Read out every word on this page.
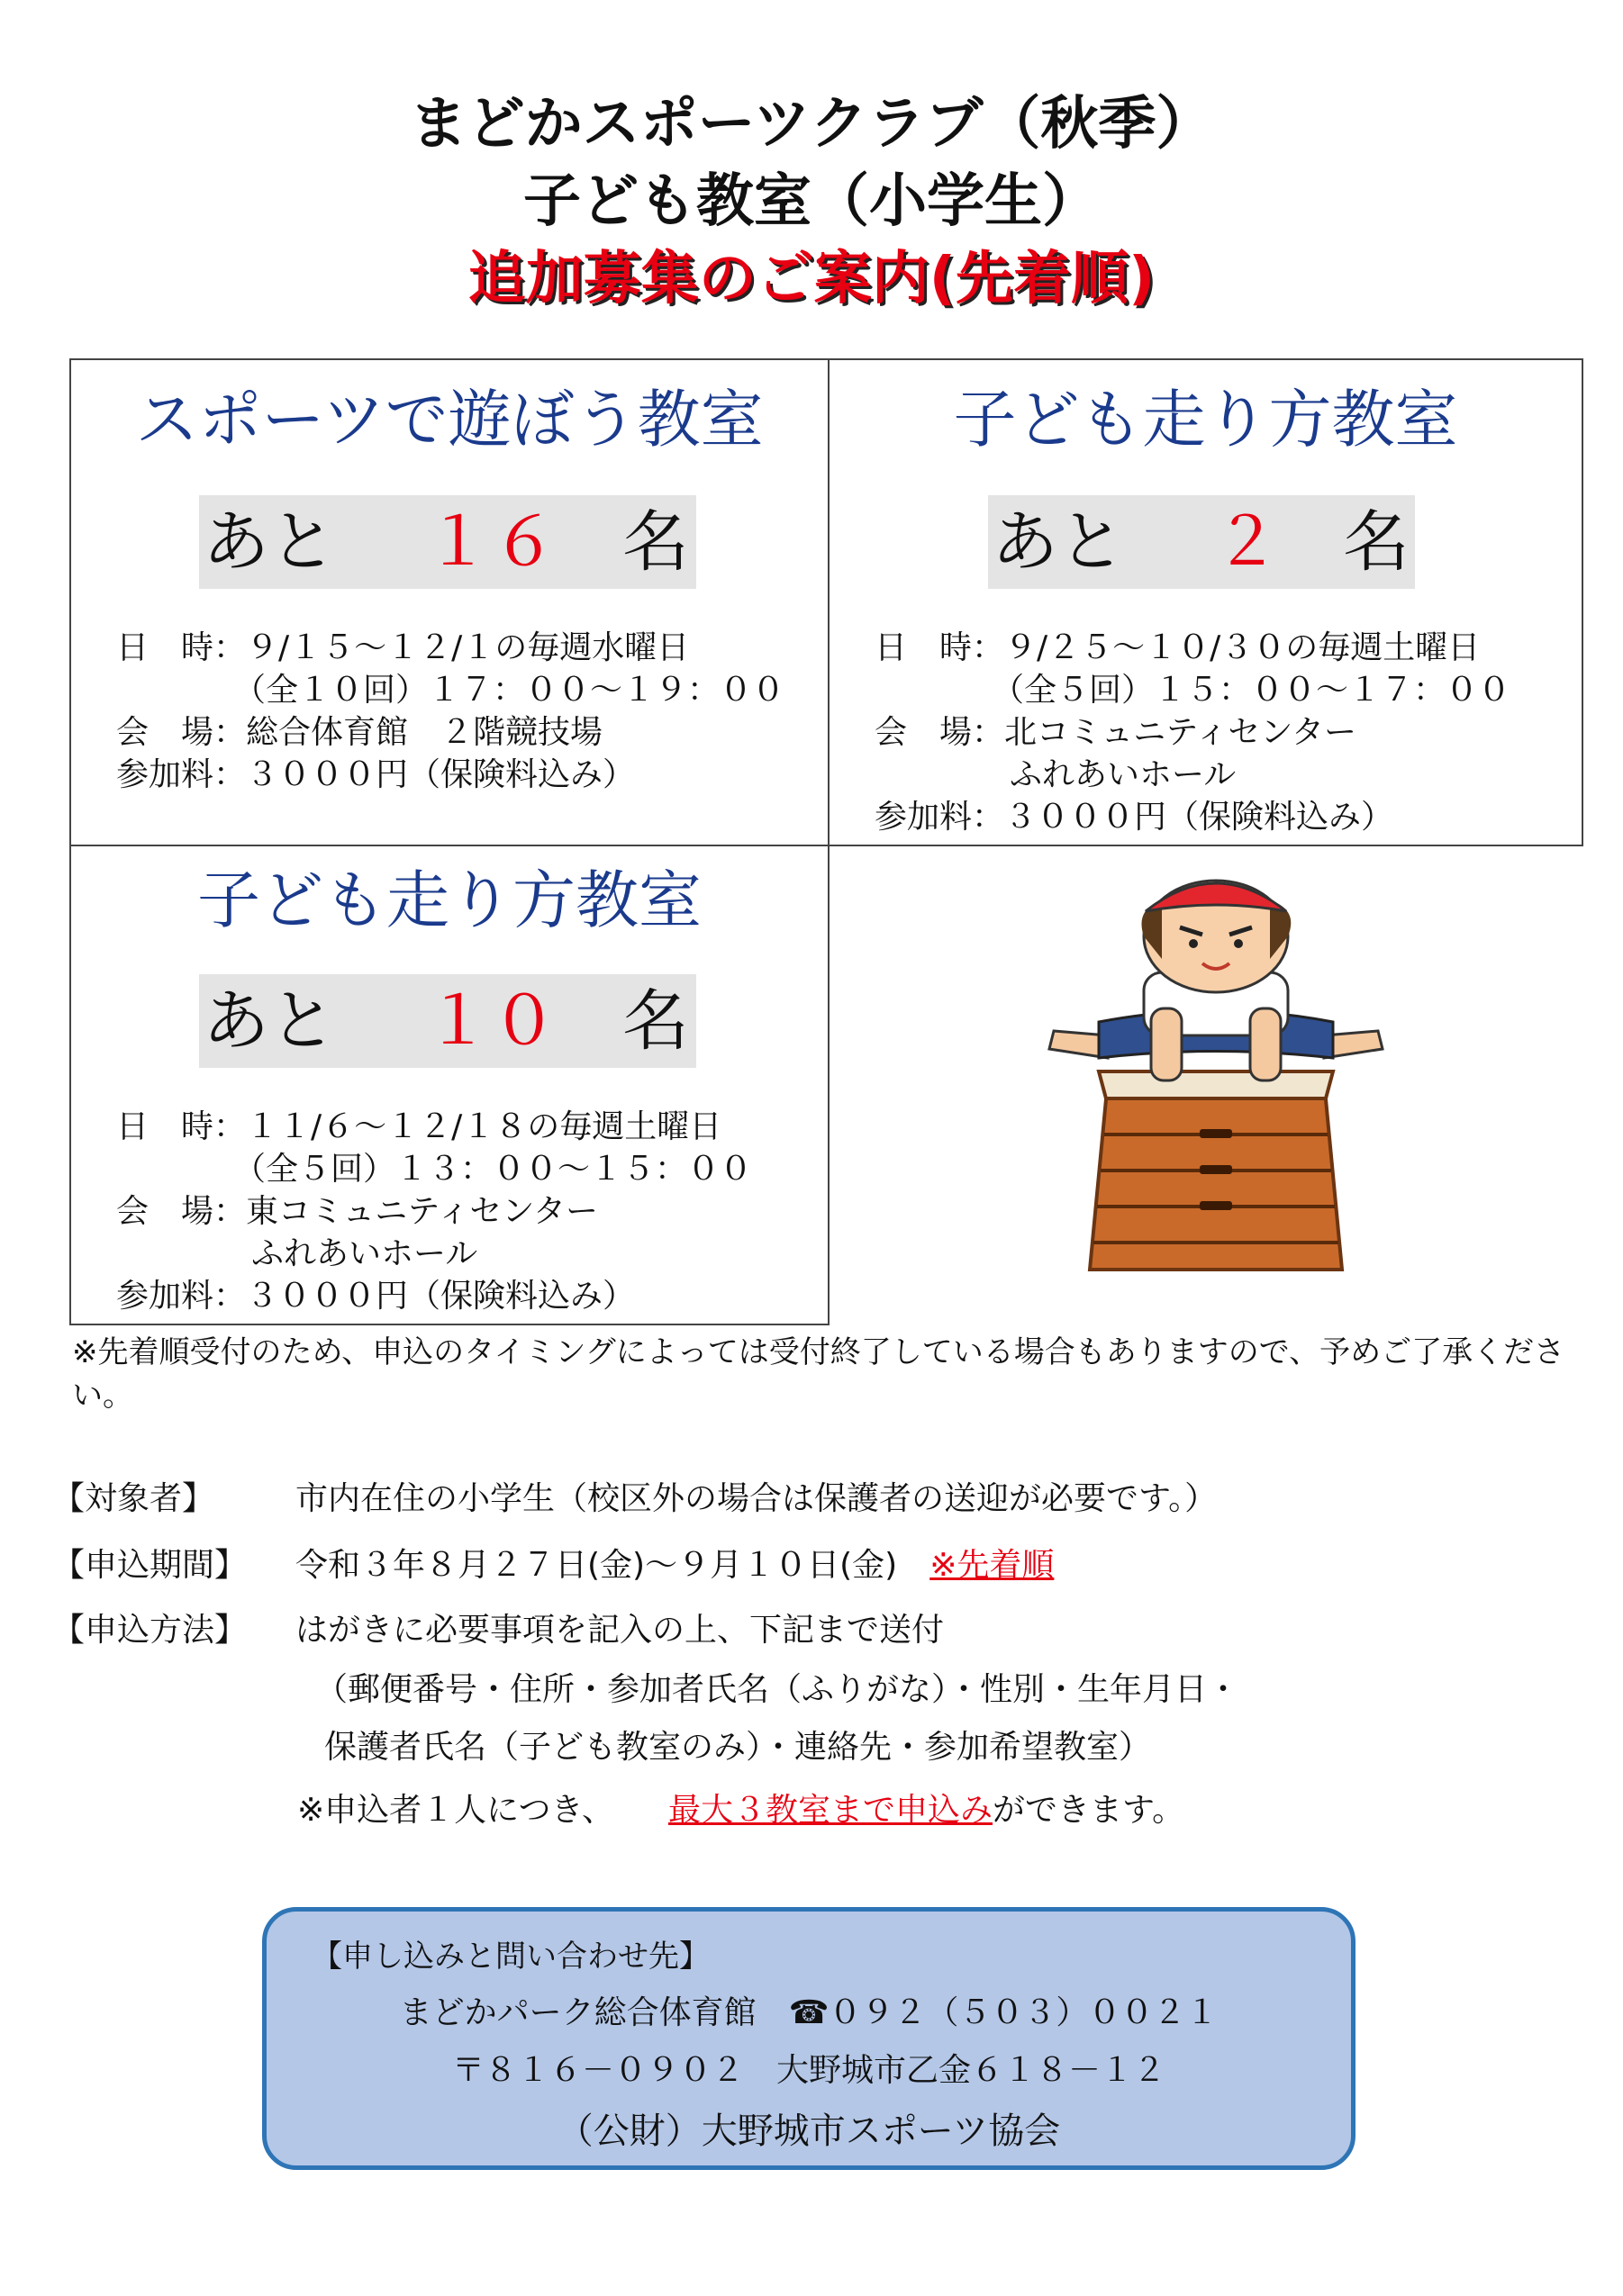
まどかスポーツクラブ（秋季）
子ども教室（小学生）
追加募集のご案内(先着順)
スポーツで遊ぼう教室
あと １６ 名
日　時：９/１５～１２/１の毎週水曜日
（全１０回）１７：００～１９：００
会　場：総合体育館　２階競技場
参加料：３０００円（保険料込み）
子ども走り方教室
あと ２ 名
日　時：９/２５～１０/３０の毎週土曜日
（全５回）１５：００～１７：００
会　場：北コミュニティセンター
ふれあいホール
参加料：３０００円（保険料込み）
子ども走り方教室
あと １０ 名
日　時：１１/６～１２/１８の毎週土曜日
（全５回）１３：００～１５：００
会　場：東コミュニティセンター
ふれあいホール
参加料：３０００円（保険料込み）
※先着順受付のため、申込のタイミングによっては受付終了している場合もありますので、予めご了承ください。
【対象者】 市内在住の小学生（校区外の場合は保護者の送迎が必要です。）
【申込期間】 令和３年８月２７日(金)～９月１０日(金) ※先着順
【申込方法】 はがきに必要事項を記入の上、下記まで送付
（郵便番号・住所・参加者氏名（ふりがな）・性別・生年月日・
保護者氏名（子ども教室のみ）・連絡先・参加希望教室）
※申込者１人につき、 最大３教室まで申込みができます。
【申し込みと問い合わせ先】
まどかパーク総合体育館　☎０９２（５０３）００２１
〒８１６－０９０２　大野城市乙金６１８－１２
（公財）大野城市スポーツ協会
